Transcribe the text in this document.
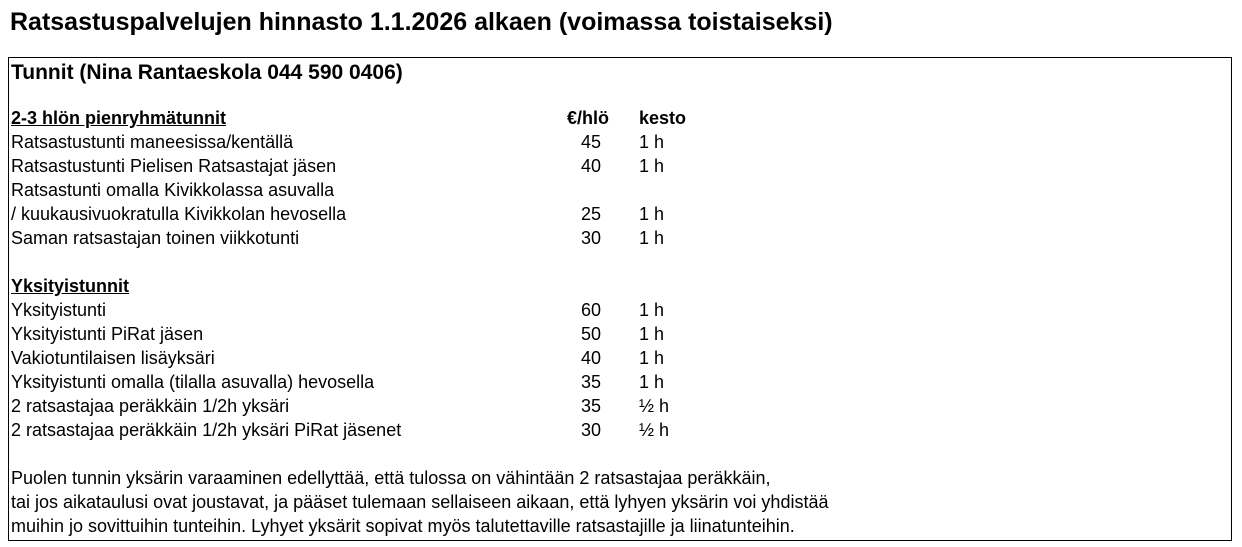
Ratsastuspalvelujen hinnasto 1.1.2026 alkaen (voimassa toistaiseksi)
Tunnit (Nina Rantaeskola 044 590 0406)
2-3 hlön pienryhmätunnit	€/hlö kesto
Ratsastustunti maneesissa/kentällä	45 1 h
Ratsastustunti Pielisen Ratsastajat jäsen	40 1 h
Ratsastunti omalla Kivikkolassa asuvalla
/ kuukausivuokratulla Kivikkolan hevosella	25 1 h
Saman ratsastajan toinen viikkotunti	30 1 h
Yksityistunnit
Yksityistunti	60 1 h
Yksityistunti PiRat jäsen	50 1 h
Vakiotuntilaisen lisäyksäri	40 1 h
Yksityistunti omalla (tilalla asuvalla) hevosella	35 1 h
2 ratsastajaa peräkkäin 1/2h yksäri	35 ½ h
2 ratsastajaa peräkkäin 1/2h yksäri PiRat jäsenet	30 ½ h
Puolen tunnin yksärin varaaminen edellyttää, että tulossa on vähintään 2 ratsastajaa peräkkäin,
tai jos aikataulusi ovat joustavat, ja pääset tulemaan sellaiseen aikaan, että lyhyen yksärin voi yhdistää
muihin jo sovittuihin tunteihin. Lyhyet yksärit sopivat myös talutettaville ratsastajille ja liinatunteihin.
